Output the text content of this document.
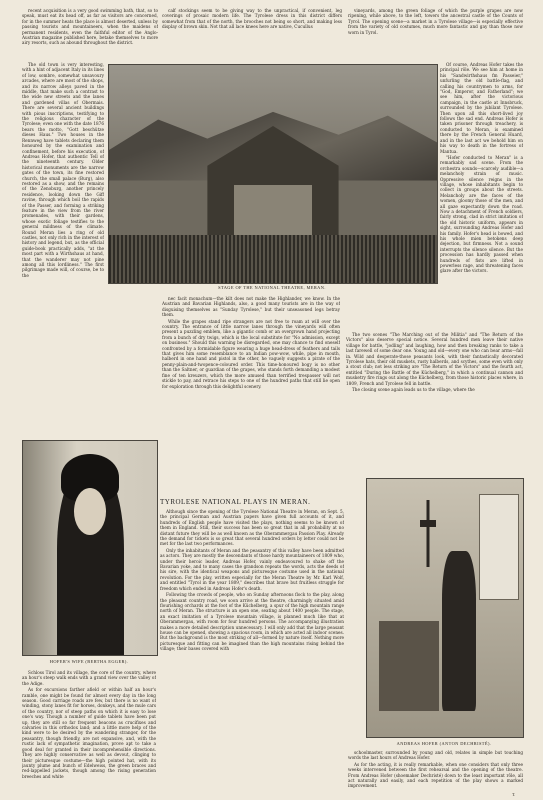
recent acquisition is a very good swimming bath, that, so to speak, must eat its head off, as far as visitors are concerned, for in the summer heats the place is almost deserted, unless by passing tourists and mountaineers, when the maidens of permanent residents, even the faithful editor of the Anglo-Austrian magazine published here, betake themselves to more airy resorts, such as abound throughout the district.

The old town is very interesting, with a hint of adjacent Italy in its lines of low, sombre, somewhat unsavoury arcades, where are most of the shops, and its narrow alleys paved in the middle, that make such a contrast to the wide new streets and the lanes and gardened villas of Obermais. There are several ancient buildings with pious inscriptions, testifying to the religious character of the Tyrolese; even one with the date 1876 bears the motto, "Gott beschütze dieses Haus." Two houses in the Rennweg have tablets declaring them honoured by the examination and confinement, before his execution, of Andreas Hofer, that authentic Tell of the nineteenth century. Older historical monuments are the narrow gates of the town, its fine restored church, the small palace (Burg), also restored as a show, and the remains of the Zenoburg, another princely residence, looking down the Giff ravine, through which boil the rapids of the Passer, and forming a striking feature in the view from the river promenades, with their gardens, whose exotic foliage testifies to the general mildness of the climate. Round Meran lies a ring of old castles, not only rich in the interest of history and legend, but, as the official guide-book practically adds, "at the most part with a Wirthshaus at hand, that the wanderer may not pine among all this lordliness." The first pilgrimage made will, of course, be to the

calf stockings seem to be giving way to the unpractical, if convenient, leg coverings of prosaic modern life. The Tyrolese dress in this district differs somewhat from that of the north, the brooches not being so short, and making less display of brown skin. Not that all lace knees here are native, Cucullus

vineyards, among the green foliage of which the purple grapes are now ripening, while above, to the left, towers the ancestral castle of the Counts of Tyrol. The opening scene—a market in a Tyrolese village—is especially effective from the variety of old costumes, much more fantastic and gay than those now worn in Tyrol.

Of course, Andreas Hofer takes the principal rôle. We see him at home in his "Sandwirthshaus fm Passeier," unfurling the old battle-flag, and calling his countrymen to arms, for "God, Emperor, and Fatherland"; we see him, after the victorious campaign, in the castle at Innsbruck, surrounded by the jubilant Tyrolese. Then upon all this short-lived joy follows the sad end. Andreas Hofer is taken prisoner through treachery, is conducted to Meran, is examined there by the French General Huard, and in the last act we behold him on his way to death in the fortress of Mantua.

"Hofer conducted to Meran" is a remarkably sad scene. From the orchestra sounds—scarcely audible—a melancholy strain of music. Oppressive silence reigns in the village, whose inhabitants begin to collect in groups about the streets. Melancholy are the faces of the women, gloomy those of the men, and all gaze expectantly down the road. Now a detachment of French soldiers, fairly strong, clad in strict imitation of the old historic uniform, appears in sight, surrounding Andreas Hofer and his family. Hofer's head is bowed, and his whole mien betokens deep dejection, but firmness. Not a sound interrupts the silence silence. But the procession has hardly passed when hundreds of fists are lifted in powerless rage, and threatening faces glare after the victors.

STAGE OF THE NATIONAL THEATRE, MERAN.

nec facit monachum—the kilt does not make the Highlander, we know. In the Austrian and Bavarian Highlands, also, a good many tourists are in the way of disguising themselves as "Sunday Tyrolese," but their unseasoned legs betray them.

While the grapes stand ripe strangers are not free to roam at will over the country. The entrance of little narrow lanes through the vineyards will often present a puzzling emblem, like a gigantic comb or an overgrown hand projecting from a bunch of dry twigs, which is the local substitute for "No admission, except on business." Should this warning be disregarded, one may chance to find oneself confronted by a formidable figure wearing a huge head-dress of feathers and tails that gives him some resemblance to an Indian pow-wow, while, pipe in mouth, halberd in one hand and pistol in the other, he vaguely suggests a pirate of the penny-plain-and-twopence-coloured order. This time-honoured bogy is no other than the Saltner, or guardian of the grapes, who stands forth demanding a modest fine of ten kreuzers, which the more amused than terrified trespasser will not stickle to pay, and retrace his steps to one of the hundred paths that still lie open for exploration through this delightful scenery.

The two scenes "The Marching out of the Militia" and "The Return of the Victors" also deserve special notice. Several hundred men leave their native village for battle, "jodling" and laughing, how and then breaking ranks to take a last farewell of some dear one. Young and old—every one who can bear arms—fall in. Wild and desperate-those peasants look, with their fantastically decorated Tyrolese hats, their old muskets, rusty halberds, and scythes, some even with only a stout club; not less striking are "The Return of the Victors" and the fourth act, entitled "During the Battle of the Küchelberg," in which a continual cannon and musketry fire rings out along the Küchelberg, from those historic places where, in 1809, French and Tyrolese fell in battle.

The closing scene again leads us to the village, where the

HOFER'S WIFE (BERTHA EGGER).
TYROLESE NATIONAL PLAYS IN MERAN.

Although since the opening of the Tyrolese National Theatre in Meran, on Sept. 5, the principal German and Austrian papers have given full accounts of it, and hundreds of English people have visited the plays, nothing seems to be known of them in England. Still, their success has been so great that in all probability at no distant future they will be as well known as the Oberammergau Passion Play. Already the demand for tickets is so great that several hundred orders by letter could not be met for the last two performances.

Only the inhabitants of Meran and the peasantry of this valley have been admitted as actors. They are mostly the descendants of those hardy mountaineers of 1809 who, under their heroic leader, Andreas Hofer, vainly endeavoured to shake off the Bavarian yoke, and to many cases the grandson repeats the words, acts the deeds of his sire, with the identical weapons and picturesque costume used in the national revolution. For the play, written especially for the Meran Theatre by Mr. Karl Wolf, and entitled "Tyrol in the year 1809," describes that brave but fruitless struggle for freedom which ended in Andreas Hofer's death.

Following the crowds of people, who on Sunday afternoons flock to the play, along the pleasant country road, we soon arrive at the theatre, charmingly situated amid flourishing orchards at the foot of the Küchelberg, a spur of the high mountain range north of Meran. The structure is an open one, seating about 1400 people. The stage, an exact imitation of a Tyrolese mountain village, is planned much like that at Oberammergau, with room for four hundred persons. The accompanying illustration makes a more detailed description unnecessary. I will only add that the large peasant house can be opened, showing a spacious room, in which are acted all indoor scenes. But the background is the most striking of all—formed by nature itself. Nothing more picturesque and fitting can be imagined than the high mountains rising behind the village; their bases covered with

Schloss Tirol and its village, the core of the country, where an hour's steep walk ends with a grand view over the valley of the Adige.

As for excursions farther afield or within half an hour's ramble, one might be found for almost every day in the long season. Good carriage roads are few, but there is no want of winding, stony lanes fit for horses, donkeys, and the mule cars of the country, nor of steep paths on which it is easy to lose one's way. Though a number of guide tablets have been put up, they are still so far frequent beacons as crucifixes and calvaries in this orthodox land; and a little more help of the kind were to be desired by the wandering stranger, for the peasantry, though friendly, are not expansive, and, with the rustic lack of sympathetic imagination, prove apt to take a good deal for granted in their incomprehensible directions. They are highly conservative as well as devout, clinging to their picturesque costume—the high pointed hat, with its jaunty plume and bunch of Edelweiss, the green braces and red-lappelled jackets, though among the rising generation breeches and white

ANDREAS HOFER (ANTON DECHRISTÉ).

schoolmaster, surrounded by young and old, relates in simple but touching words the last hours of Andreas Hofer.

As for the acting, it is really remarkable, when one considers that only three weeks intervened between the first rehearsal and the opening of the theatre. From Andreas Hofer (shoemaker Dechristé) down to the least important rôle, all act naturally and easily, and each repetition of the play shows a marked improvement.

T.
